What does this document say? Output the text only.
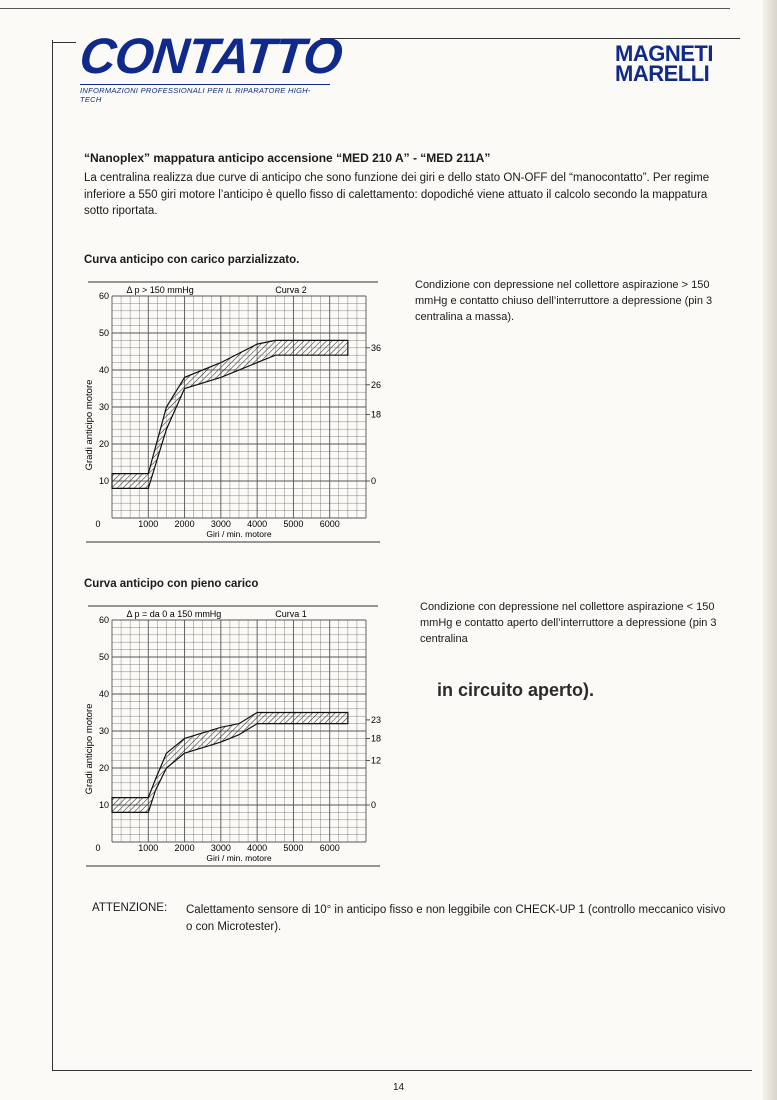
CONTATTO
INFORMAZIONI PROFESSIONALI PER IL RIPARATORE HIGH-TECH
MAGNETI
MARELLI
“Nanoplex” mappatura anticipo accensione “MED 210 A” - “MED 211A”
La centralina realizza due curve di anticipo che sono funzione dei giri e dello stato ON-OFF del “manocontatto”. Per regime inferiore a 550 giri motore l’anticipo è quello fisso di calettamento: dopodiché viene attuato il calcolo secondo la mappatura sotto riportata.
Curva anticipo con carico parzializzato.
Condizione con depressione nel collettore aspirazione > 150 mmHg e contatto chiuso dell’interruttore a depressione (pin 3 centralina a massa).
60
50
40
30
20
10
36
26
18
0
0	1000 2000 3000 4000 5000 6000
Giri / min. motore
Gradi anticipo motore
Δ p > 150 mmHg	Curva 2
Curva anticipo con pieno carico
Condizione con depressione nel collettore aspirazione < 150 mmHg e contatto aperto dell’interruttore a depressione (pin 3 centralina
in circuito aperto).
60
50
40
30
20
10
23
18
12
0
0	1000 2000 3000 4000 5000 6000
Giri / min. motore
Gradi anticipo motore
Δ p = da 0 a 150 mmHg	Curva 1
ATTENZIONE: Calettamento sensore di 10° in anticipo fisso e non leggibile con CHECK-UP 1 (controllo meccanico visivo o con Microtester).
14
